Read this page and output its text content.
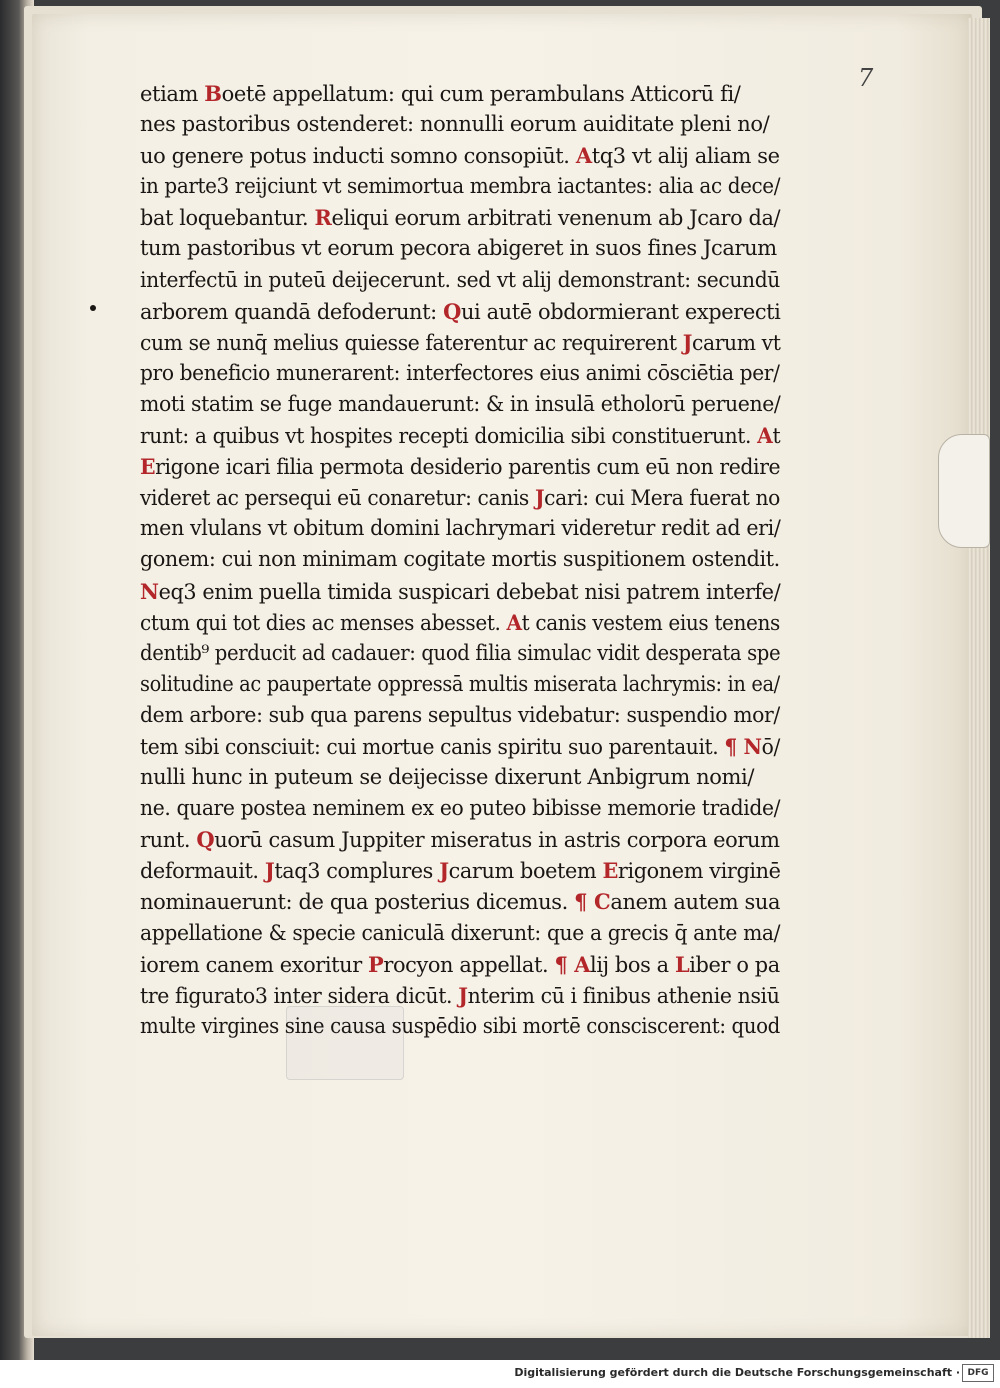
7
etiam Boetē appellatum: qui cum perambulans Atticorū fi/
nes pastoribus ostenderet: nonnulli eorum auiditate pleni no/
uo genere potus inducti somno consopiūt. Atq3 vt alij aliam se
in parte3 reijciunt vt semimortua membra iactantes: alia ac dece/
bat loquebantur. Reliqui eorum arbitrati venenum ab Jcaro da/
tum pastoribus vt eorum pecora abigeret in suos fines Jcarum
interfectū in puteū deijecerunt. sed vt alij demonstrant: secundū
arborem quandā defoderunt: Qui autē obdormierant experecti
cum se nunq̄ melius quiesse faterentur ac requirerent Jcarum vt
pro beneficio munerarent: interfectores eius animi cōsciētia per/
moti statim se fuge mandauerunt: & in insulā etholorū peruene/
runt: a quibus vt hospites recepti domicilia sibi constituerunt. At
Erigone icari filia permota desiderio parentis cum eū non redire
videret ac persequi eū conaretur: canis Jcari: cui Mera fuerat no
men vlulans vt obitum domini lachrymari videretur redit ad eri/
gonem: cui non minimam cogitate mortis suspitionem ostendit.
Neq3 enim puella timida suspicari debebat nisi patrem interfe/
ctum qui tot dies ac menses abesset. At canis vestem eius tenens
dentib⁹ perducit ad cadauer: quod filia simulac vidit desperata spe
solitudine ac paupertate oppressā multis miserata lachrymis: in ea/
dem arbore: sub qua parens sepultus videbatur: suspendio mor/
tem sibi consciuit: cui mortue canis spiritu suo parentauit. ¶ Nō/
nulli hunc in puteum se deijecisse dixerunt Anbigrum nomi/
ne. quare postea neminem ex eo puteo bibisse memorie tradide/
runt. Quorū casum Juppiter miseratus in astris corpora eorum
deformauit. Jtaq3 complures Jcarum boetem Erigonem virginē
nominauerunt: de qua posterius dicemus. ¶ Canem autem sua
appellatione & specie caniculā dixerunt: que a grecis q̄ ante ma/
iorem canem exoritur Procyon appellat. ¶ Alij bos a Liber o pa
tre figurato3 inter sidera dicūt. Jnterim cū i finibus athenie nsiū
multe virgines sine causa suspēdio sibi mortē consciscerent: quod
Digitalisierung gefördert durch die Deutsche Forschungsgemeinschaft · DFG
